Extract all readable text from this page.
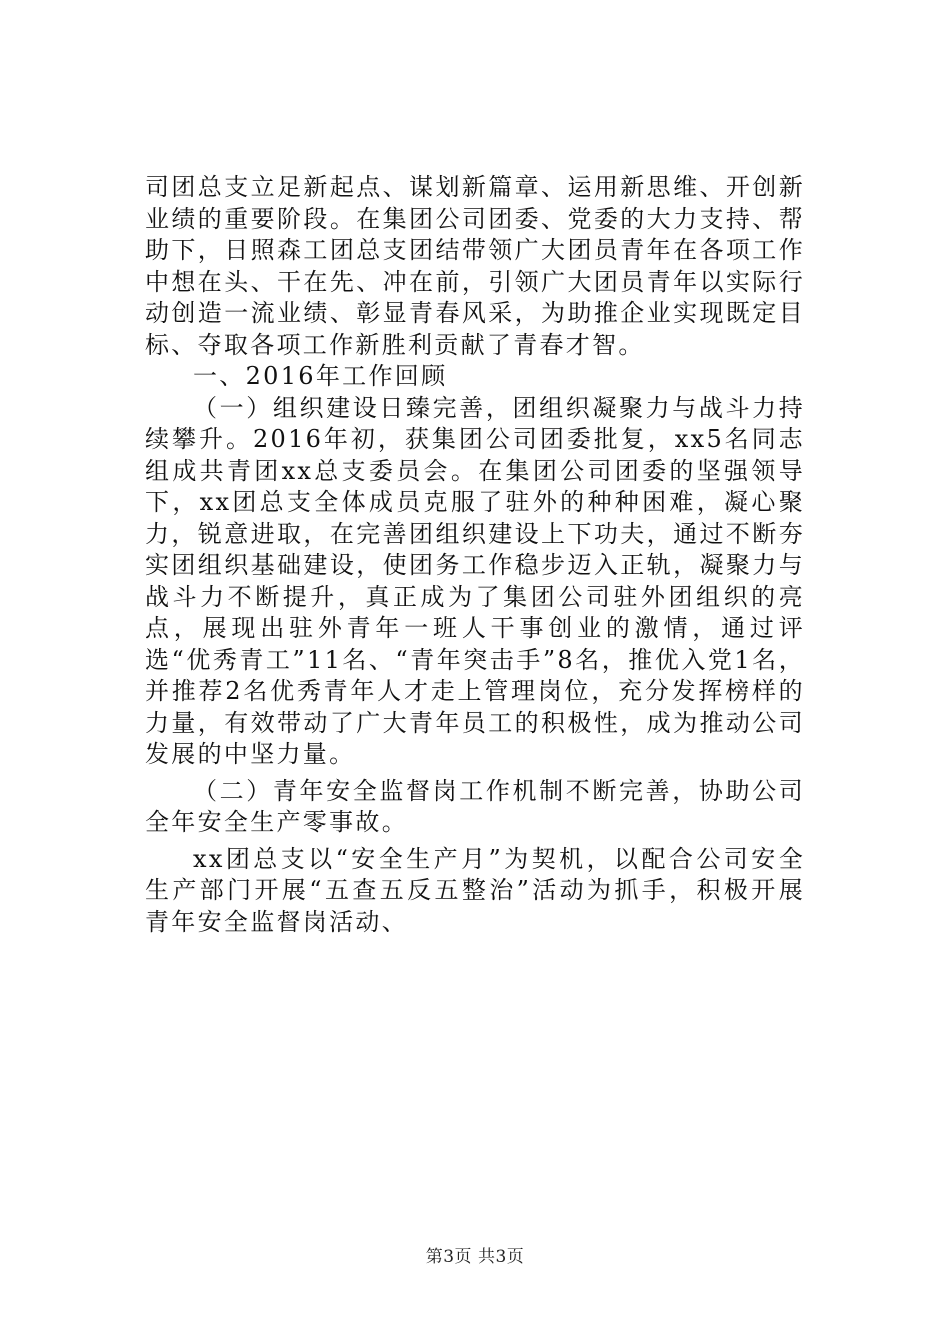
司团总支立足新起点、谋划新篇章、运用新思维、开创新业绩的重要阶段。在集团公司团委、党委的大力支持、帮助下，日照森工团总支团结带领广大团员青年在各项工作中想在头、干在先、冲在前，引领广大团员青年以实际行动创造一流业绩、彰显青春风采，为助推企业实现既定目标、夺取各项工作新胜利贡献了青春才智。

一、2016年工作回顾

（一）组织建设日臻完善，团组织凝聚力与战斗力持续攀升。2016年初，获集团公司团委批复，xx5名同志组成共青团xx总支委员会。在集团公司团委的坚强领导下，xx团总支全体成员克服了驻外的种种困难，凝心聚力，锐意进取，在完善团组织建设上下功夫，通过不断夯实团组织基础建设，使团务工作稳步迈入正轨，凝聚力与战斗力不断提升，真正成为了集团公司驻外团组织的亮点，展现出驻外青年一班人干事创业的激情，通过评选“优秀青工”11名、“青年突击手”8名，推优入党1名，并推荐2名优秀青年人才走上管理岗位，充分发挥榜样的力量，有效带动了广大青年员工的积极性，成为推动公司发展的中坚力量。

（二）青年安全监督岗工作机制不断完善，协助公司全年安全生产零事故。

xx团总支以“安全生产月”为契机，以配合公司安全生产部门开展“五查五反五整治”活动为抓手，积极开展青年安全监督岗活动、

第3页 共3页
